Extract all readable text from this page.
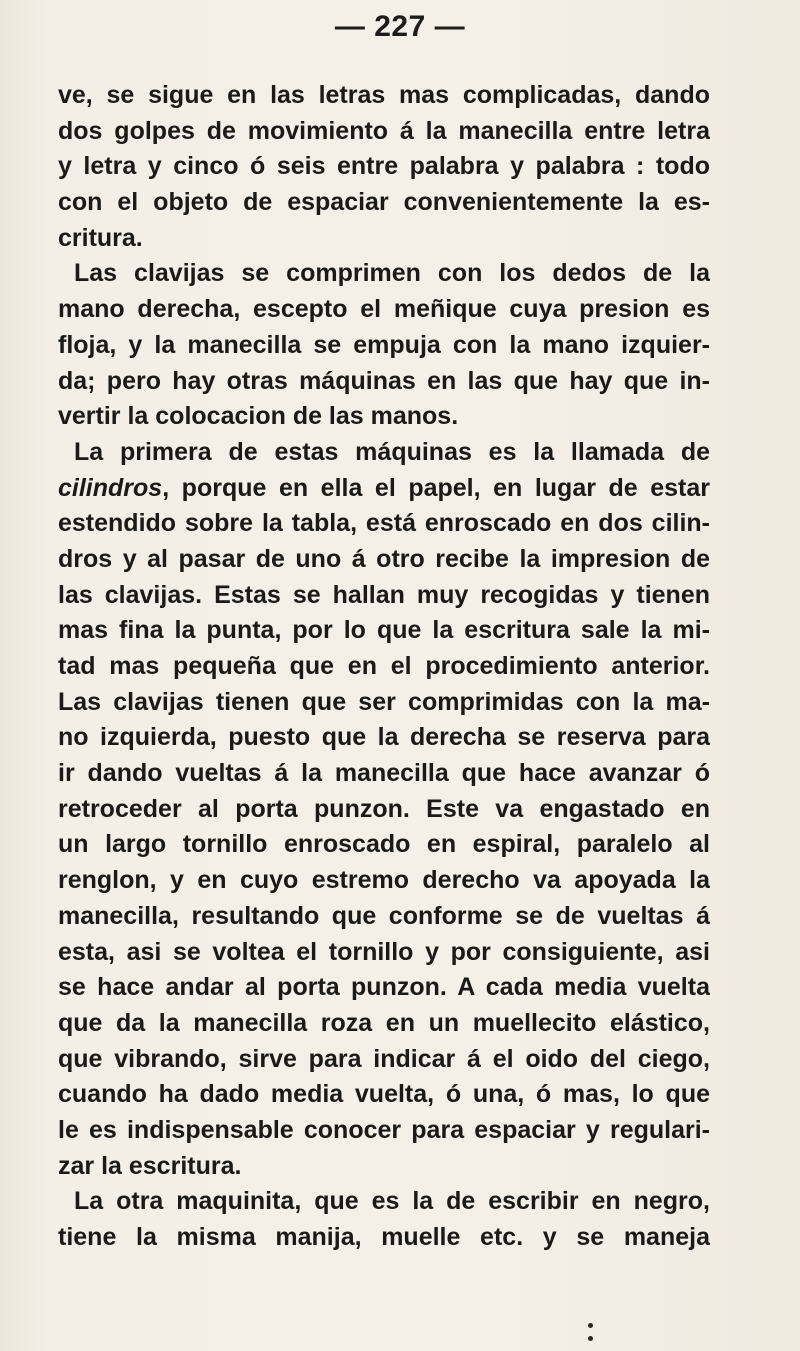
— 227 —
ve, se sigue en las letras mas complicadas, dando
dos golpes de movimiento á la manecilla entre letra
y letra y cinco ó seis entre palabra y palabra : todo
con el objeto de espaciar convenientemente la es-
critura.
Las clavijas se comprimen con los dedos de la
mano derecha, escepto el meñique cuya presion es
floja, y la manecilla se empuja con la mano izquier-
da; pero hay otras máquinas en las que hay que in-
vertir la colocacion de las manos.
La primera de estas máquinas es la llamada de
cilindros, porque en ella el papel, en lugar de estar
estendido sobre la tabla, está enroscado en dos cilin-
dros y al pasar de uno á otro recibe la impresion de
las clavijas. Estas se hallan muy recogidas y tienen
mas fina la punta, por lo que la escritura sale la mi-
tad mas pequeña que en el procedimiento anterior.
Las clavijas tienen que ser comprimidas con la ma-
no izquierda, puesto que la derecha se reserva para
ir dando vueltas á la manecilla que hace avanzar ó
retroceder al porta punzon. Este va engastado en
un largo tornillo enroscado en espiral, paralelo al
renglon, y en cuyo estremo derecho va apoyada la
manecilla, resultando que conforme se de vueltas á
esta, asi se voltea el tornillo y por consiguiente, asi
se hace andar al porta punzon. A cada media vuelta
que da la manecilla roza en un muellecito elástico,
que vibrando, sirve para indicar á el oido del ciego,
cuando ha dado media vuelta, ó una, ó mas, lo que
le es indispensable conocer para espaciar y regulari-
zar la escritura.
La otra maquinita, que es la de escribir en negro,
tiene la misma manija, muelle etc. y se maneja
